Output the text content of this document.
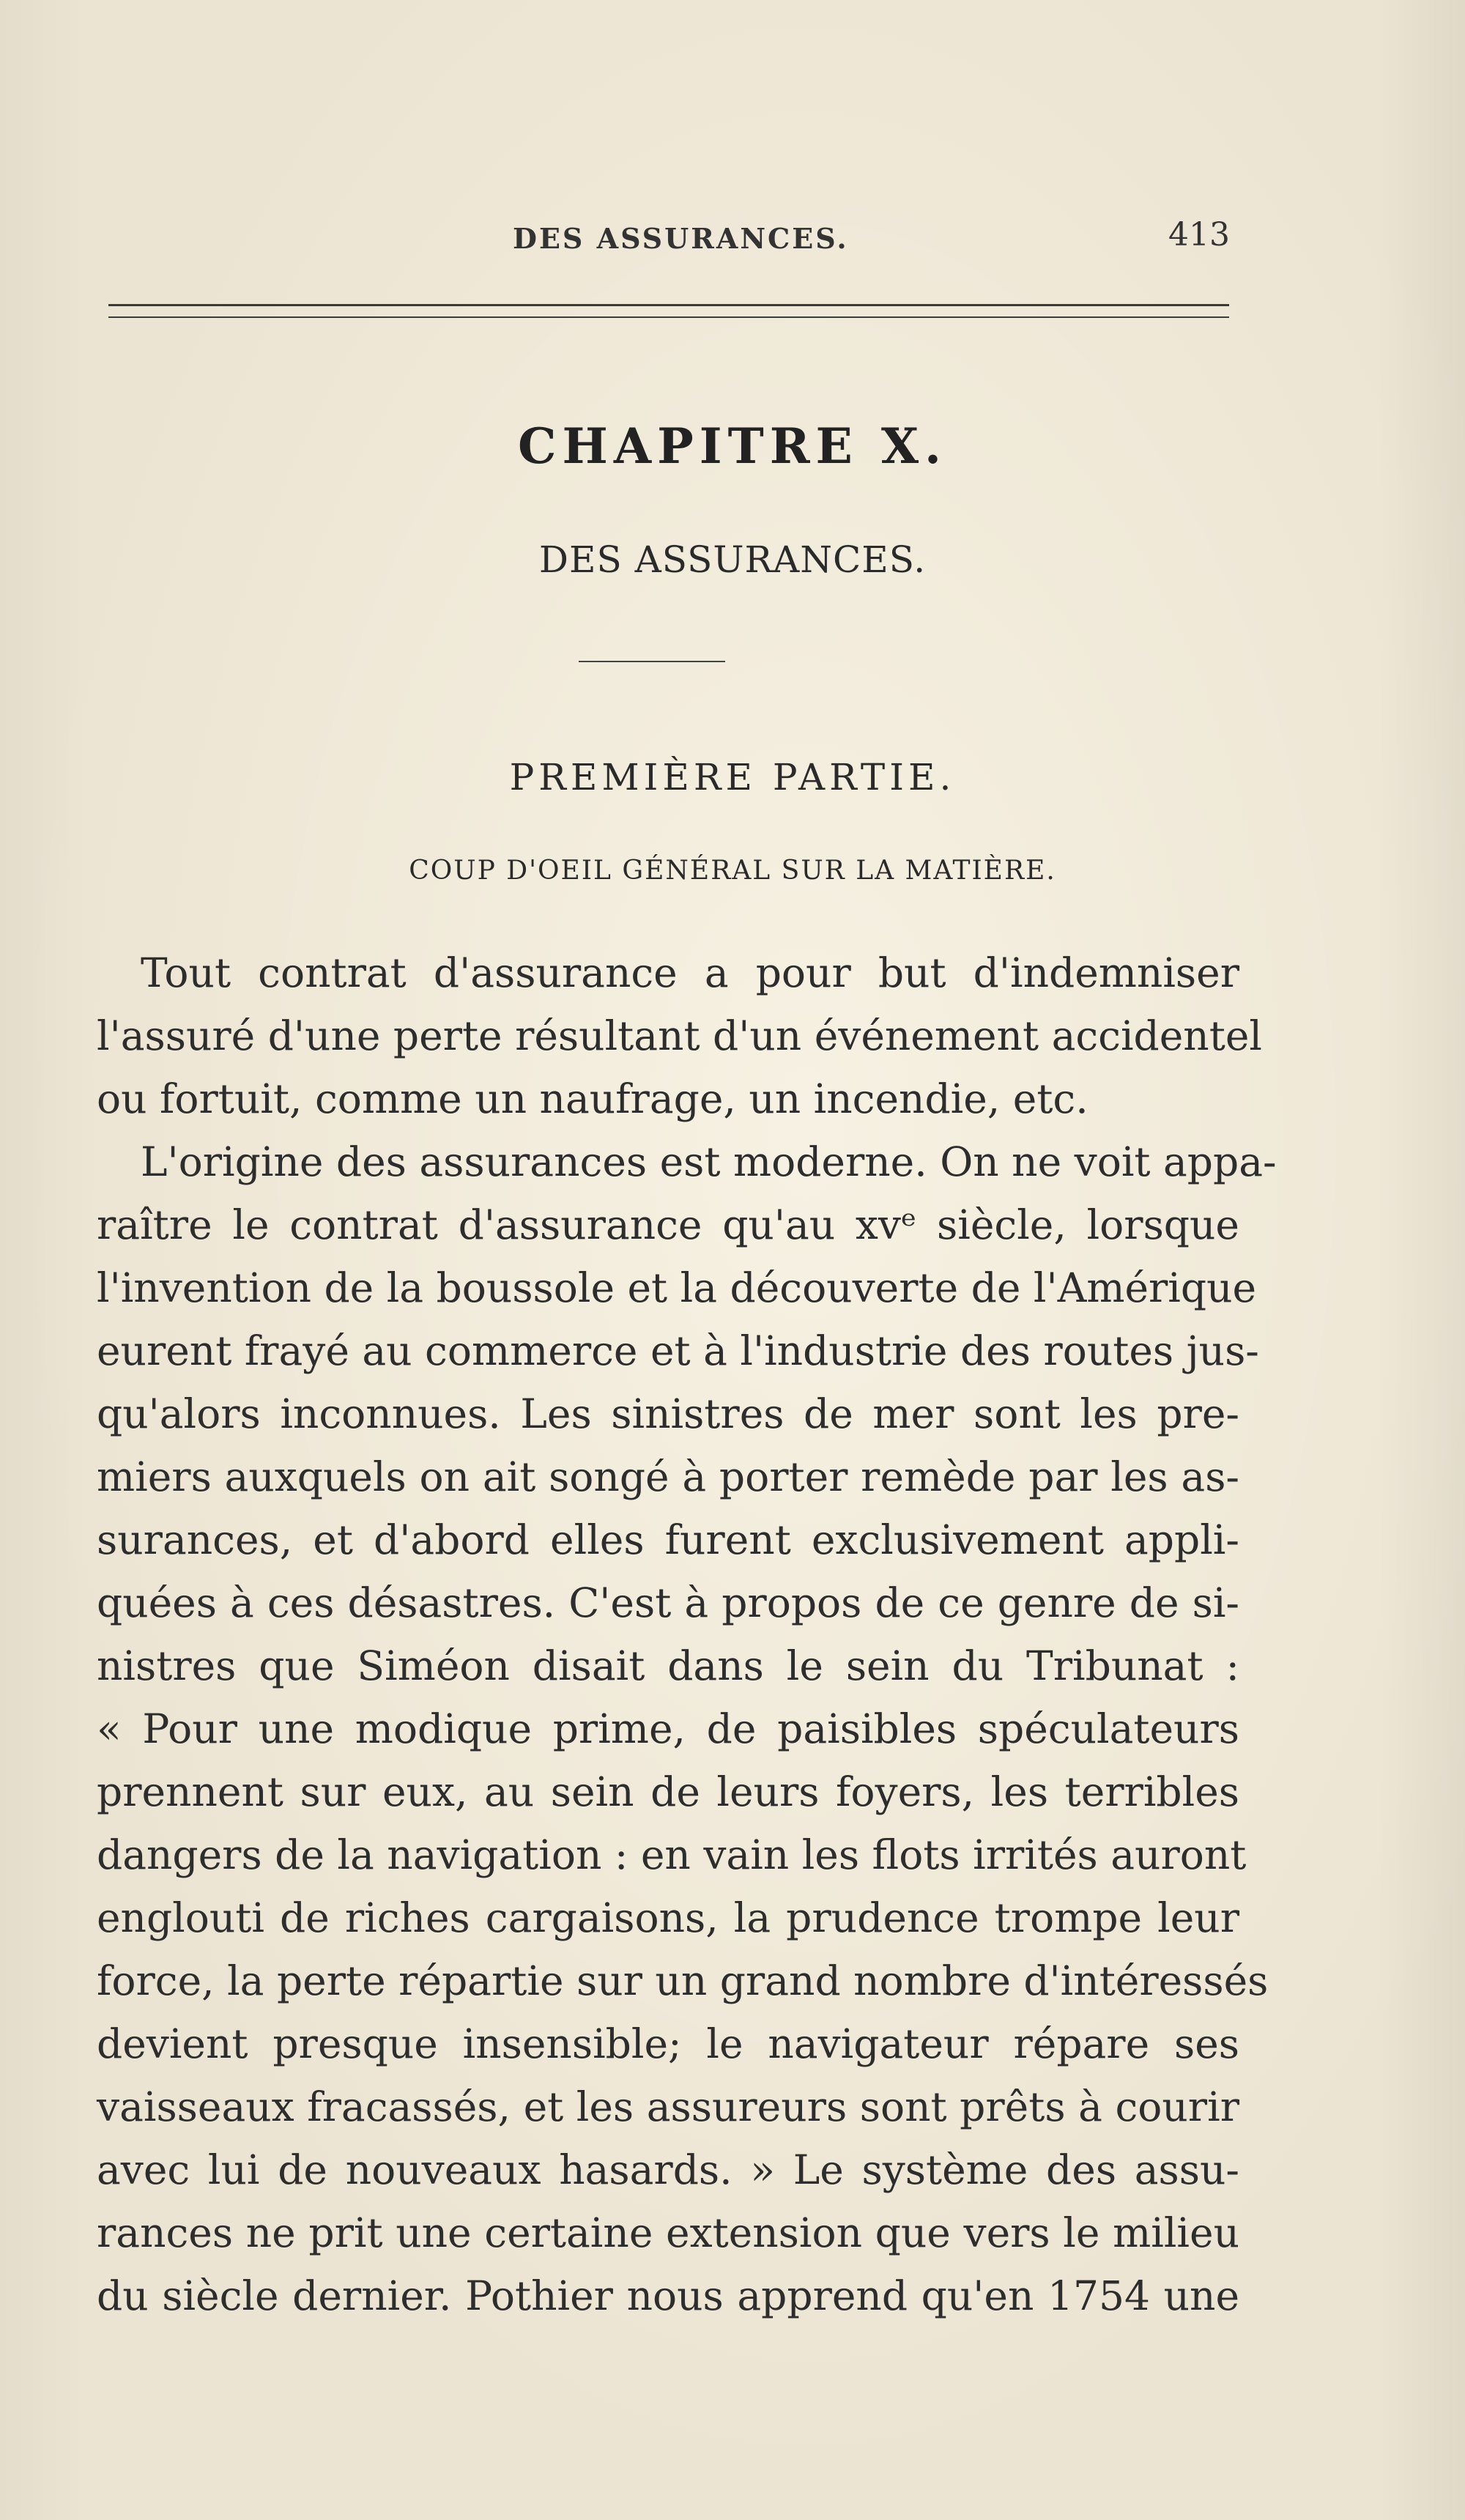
DES ASSURANCES.	413
CHAPITRE X.
DES ASSURANCES.
PREMIÈRE PARTIE.
COUP D'OEIL GÉNÉRAL SUR LA MATIÈRE.
Tout contrat d'assurance a pour but d'indemniser
l'assuré d'une perte résultant d'un événement accidentel
ou fortuit, comme un naufrage, un incendie, etc.
L'origine des assurances est moderne. On ne voit appa-
raître le contrat d'assurance qu'au xvᵉ siècle, lorsque
l'invention de la boussole et la découverte de l'Amérique
eurent frayé au commerce et à l'industrie des routes jus-
qu'alors inconnues. Les sinistres de mer sont les pre-
miers auxquels on ait songé à porter remède par les as-
surances, et d'abord elles furent exclusivement appli-
quées à ces désastres. C'est à propos de ce genre de si-
nistres que Siméon disait dans le sein du Tribunat :
« Pour une modique prime, de paisibles spéculateurs
prennent sur eux, au sein de leurs foyers, les terribles
dangers de la navigation : en vain les flots irrités auront
englouti de riches cargaisons, la prudence trompe leur
force, la perte répartie sur un grand nombre d'intéressés
devient presque insensible; le navigateur répare ses
vaisseaux fracassés, et les assureurs sont prêts à courir
avec lui de nouveaux hasards. » Le système des assu-
rances ne prit une certaine extension que vers le milieu
du siècle dernier. Pothier nous apprend qu'en 1754 une
